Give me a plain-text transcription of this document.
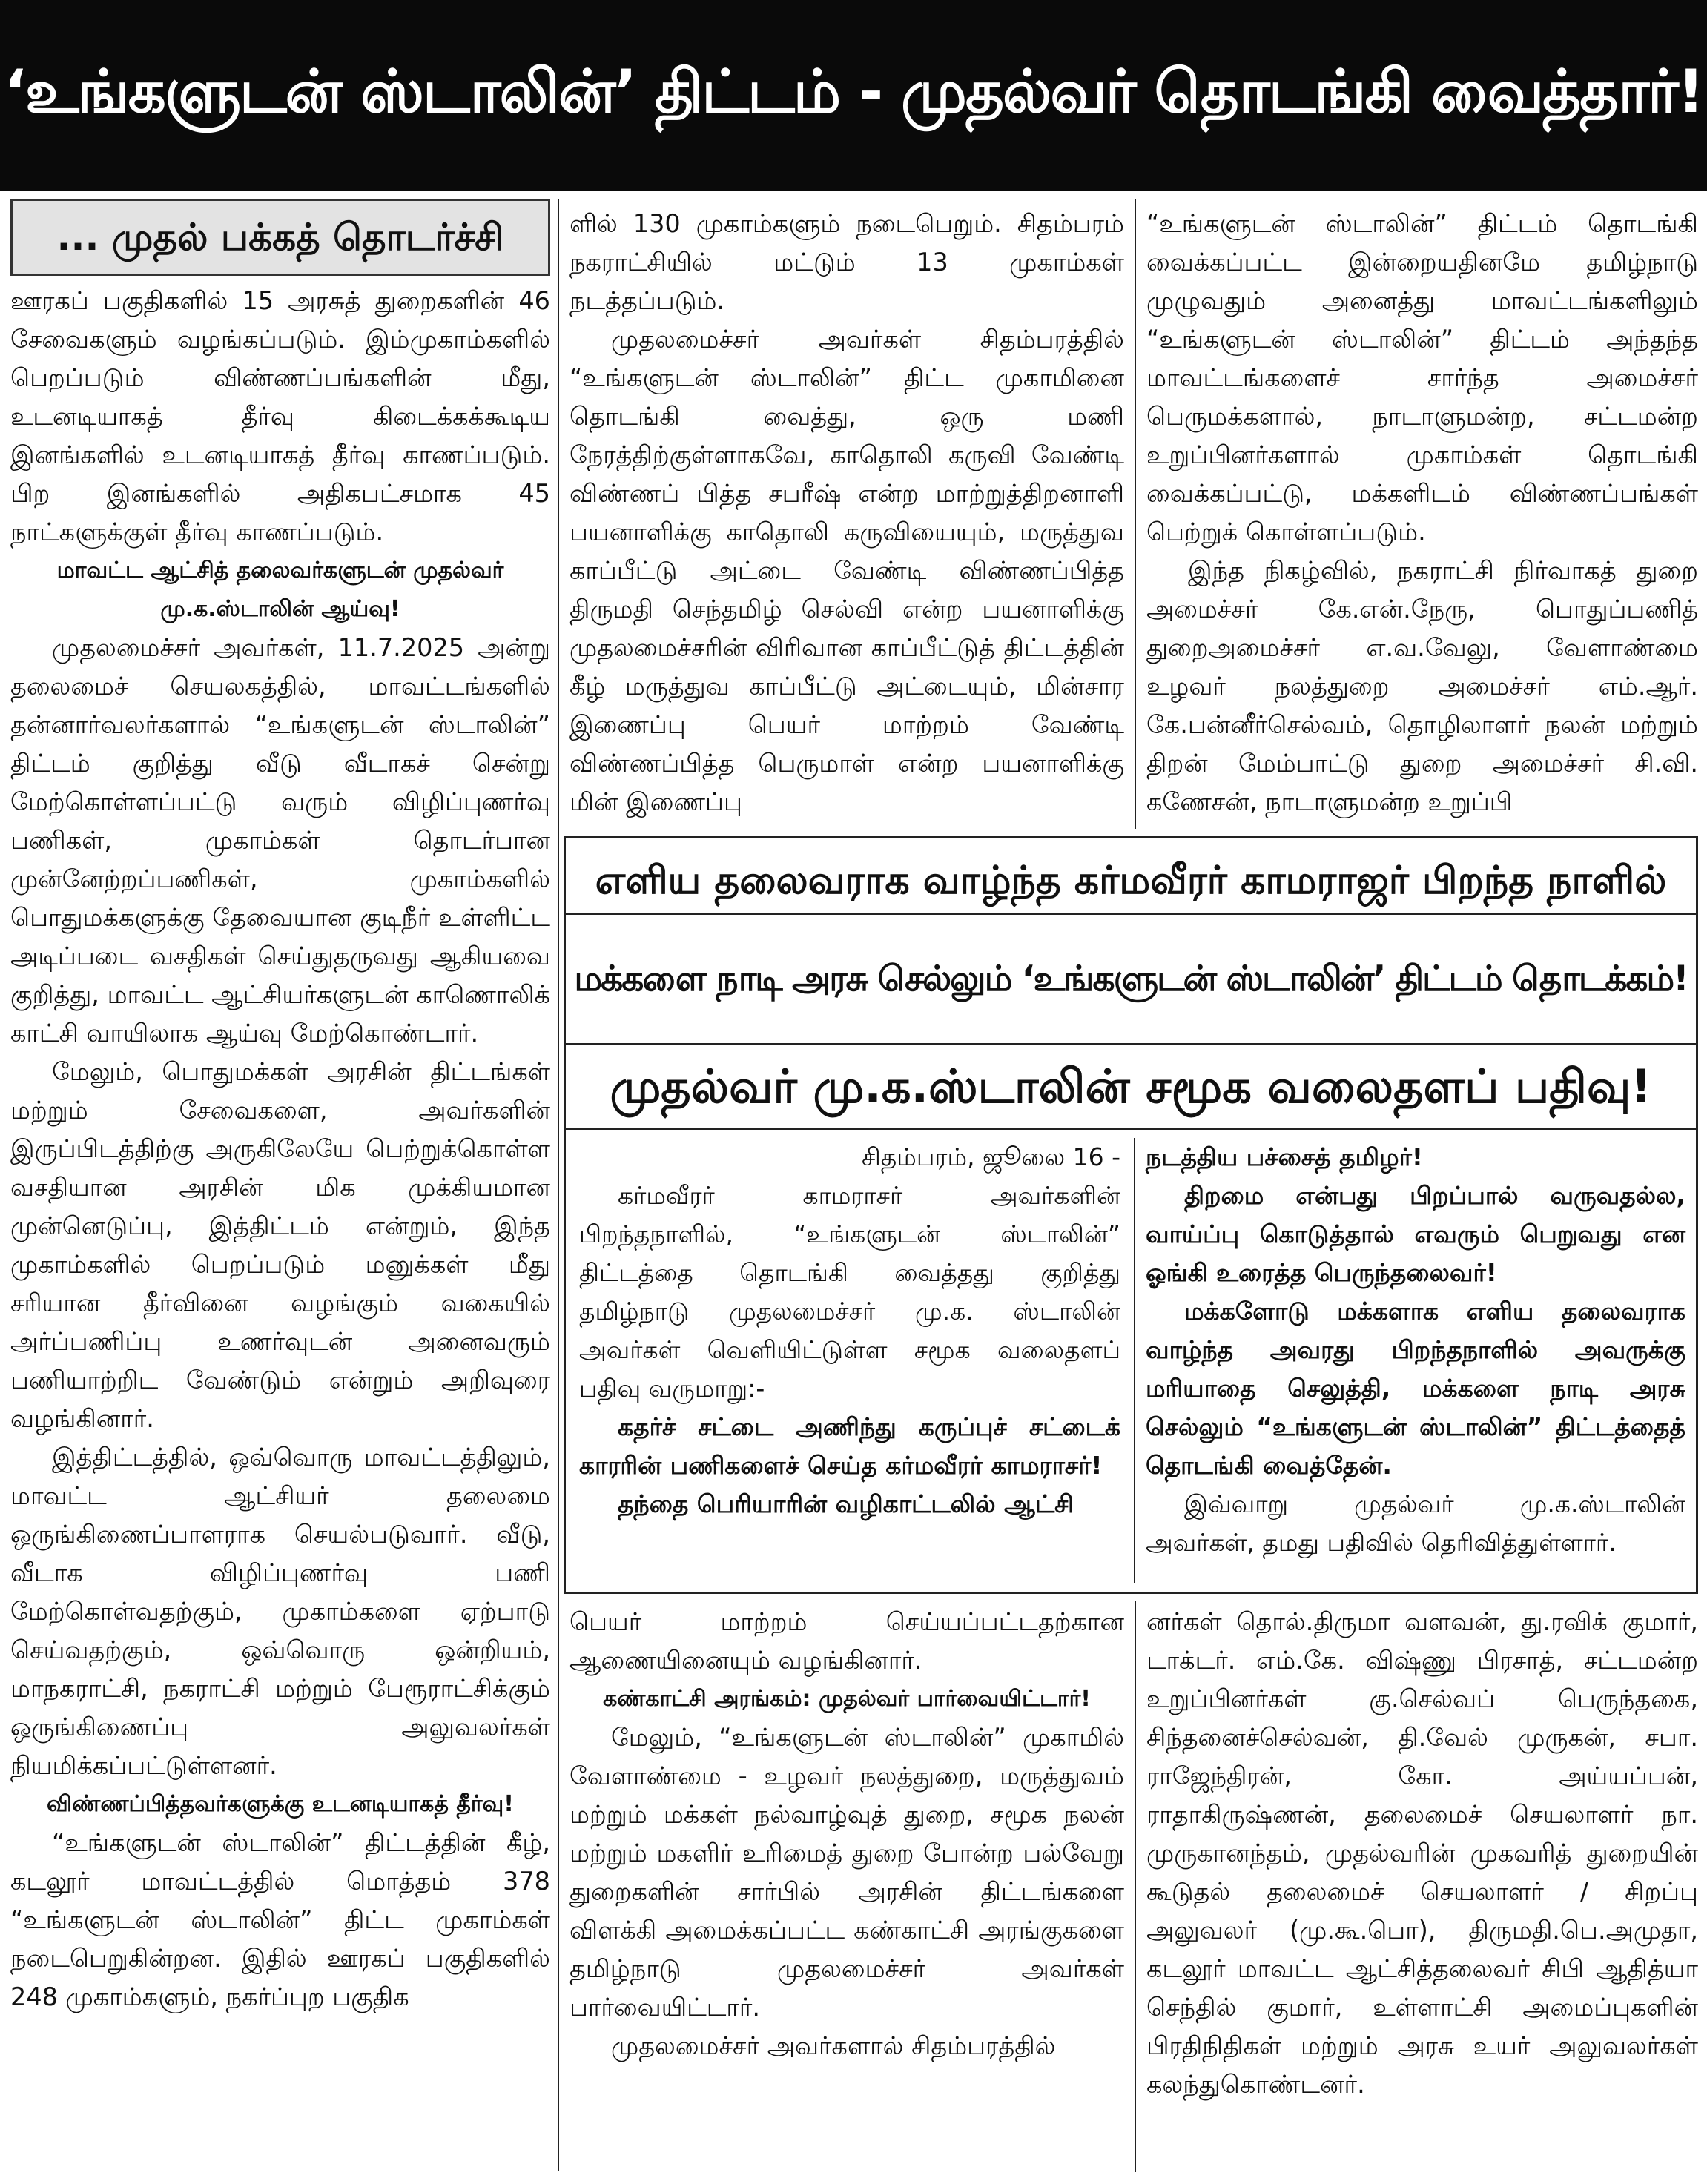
‘உங்களுடன் ஸ்டாலின்’ திட்டம் - முதல்வர் தொடங்கி வைத்தார்!
... முதல் பக்கத் தொடர்ச்சி

ஊரகப் பகுதிகளில் 15 அரசுத் துறைகளின் 46 சேவைகளும் வழங்கப்படும். இம்முகாம்களில் பெறப்படும் விண்ணப்பங்களின் மீது, உடனடியாகத் தீர்வு கிடைக்கக்கூடிய இனங்களில் உடனடியாகத் தீர்வு காணப்படும். பிற இனங்களில் அதிகபட்சமாக 45 நாட்களுக்குள் தீர்வு காணப்படும்.

மாவட்ட ஆட்சித் தலைவர்களுடன் முதல்வர் மு.க.ஸ்டாலின் ஆய்வு!

முதலமைச்சர் அவர்கள், 11.7.2025 அன்று தலைமைச் செயலகத்தில், மாவட்டங்களில் தன்னார்வலர்களால் “உங்களுடன் ஸ்டாலின்” திட்டம் குறித்து வீடு வீடாகச் சென்று மேற்கொள்ளப்பட்டு வரும் விழிப்புணர்வு பணிகள், முகாம்கள் தொடர்பான முன்னேற்றப்பணிகள், முகாம்களில் பொதுமக்களுக்கு தேவையான குடிநீர் உள்ளிட்ட அடிப்படை வசதிகள் செய்துதருவது ஆகியவை குறித்து, மாவட்ட ஆட்சியர்களுடன் காணொலிக் காட்சி வாயிலாக ஆய்வு மேற்கொண்டார்.

மேலும், பொதுமக்கள் அரசின் திட்டங்கள் மற்றும் சேவைகளை, அவர்களின் இருப்பிடத்திற்கு அருகிலேயே பெற்றுக்கொள்ள வசதியான அரசின் மிக முக்கியமான முன்னெடுப்பு, இத்திட்டம் என்றும், இந்த முகாம்களில் பெறப்படும் மனுக்கள் மீது சரியான தீர்வினை வழங்கும் வகையில் அர்ப்பணிப்பு உணர்வுடன் அனைவரும் பணியாற்றிட வேண்டும் என்றும் அறிவுரை வழங்கினார்.

இத்திட்டத்தில், ஒவ்வொரு மாவட்டத்திலும், மாவட்ட ஆட்சியர் தலைமை ஒருங்கிணைப்பாளராக செயல்படுவார். வீடு, வீடாக விழிப்புணர்வு பணி மேற்கொள்வதற்கும், முகாம்களை ஏற்பாடு செய்வதற்கும், ஒவ்வொரு ஒன்றியம், மாநகராட்சி, நகராட்சி மற்றும் பேரூராட்சிக்கும் ஒருங்கிணைப்பு அலுவலர்கள் நியமிக்கப்பட்டுள்ளனர்.

விண்ணப்பித்தவர்களுக்கு உடனடியாகத் தீர்வு!

“உங்களுடன் ஸ்டாலின்” திட்டத்தின் கீழ், கடலூர் மாவட்டத்தில் மொத்தம் 378 “உங்களுடன் ஸ்டாலின்” திட்ட முகாம்கள் நடைபெறுகின்றன. இதில் ஊரகப் பகுதிகளில் 248 முகாம்களும், நகர்ப்புற பகுதிக

ளில் 130 முகாம்களும் நடைபெறும். சிதம்பரம் நகராட்சியில் மட்டும் 13 முகாம்கள் நடத்தப்படும்.

முதலமைச்சர் அவர்கள் சிதம்பரத்தில் “உங்களுடன் ஸ்டாலின்” திட்ட முகாமினை தொடங்கி வைத்து, ஒரு மணி நேரத்திற்குள்ளாகவே, காதொலி கருவி வேண்டி விண்ணப் பித்த சபரீஷ் என்ற மாற்றுத்திறனாளி பயனாளிக்கு காதொலி கருவியையும், மருத்துவ காப்பீட்டு அட்டை வேண்டி விண்ணப்பித்த திருமதி செந்தமிழ் செல்வி என்ற பயனாளிக்கு முதலமைச்சரின் விரிவான காப்பீட்டுத் திட்டத்தின் கீழ் மருத்துவ காப்பீட்டு அட்டையும், மின்சார இணைப்பு பெயர் மாற்றம் வேண்டி விண்ணப்பித்த பெருமாள் என்ற பயனாளிக்கு மின் இணைப்பு

“உங்களுடன் ஸ்டாலின்” திட்டம் தொடங்கி வைக்கப்பட்ட இன்றையதினமே தமிழ்நாடு முழுவதும் அனைத்து மாவட்டங்களிலும் “உங்களுடன் ஸ்டாலின்” திட்டம் அந்தந்த மாவட்டங்களைச் சார்ந்த அமைச்சர் பெருமக்களால், நாடாளுமன்ற, சட்டமன்ற உறுப்பினர்களால் முகாம்கள் தொடங்கி வைக்கப்பட்டு, மக்களிடம் விண்ணப்பங்கள் பெற்றுக் கொள்ளப்படும்.

இந்த நிகழ்வில், நகராட்சி நிர்வாகத் துறை அமைச்சர் கே.என்.நேரு, பொதுப்பணித் துறைஅமைச்சர் எ.வ.வேலு, வேளாண்மை உழவர் நலத்துறை அமைச்சர் எம்.ஆர். கே.பன்னீர்செல்வம், தொழிலாளர் நலன் மற்றும் திறன் மேம்பாட்டு துறை அமைச்சர் சி.வி. கணேசன், நாடாளுமன்ற உறுப்பி

எளிய தலைவராக வாழ்ந்த கர்மவீரர் காமராஜர் பிறந்த நாளில்
மக்களை நாடி அரசு செல்லும் ‘உங்களுடன் ஸ்டாலின்’ திட்டம் தொடக்கம்!
முதல்வர் மு.க.ஸ்டாலின் சமூக வலைதளப் பதிவு!
சிதம்பரம், ஜூலை 16 -

கர்மவீரர் காமராசர் அவர்களின் பிறந்தநாளில், “உங்களுடன் ஸ்டாலின்” திட்டத்தை தொடங்கி வைத்தது குறித்து தமிழ்நாடு முதலமைச்சர் மு.க. ஸ்டாலின் அவர்கள் வெளியிட்டுள்ள சமூக வலைதளப் பதிவு வருமாறு:-

கதர்ச் சட்டை அணிந்து கருப்புச் சட்டைக் காரரின் பணிகளைச் செய்த கர்மவீரர் காமராசர்!

தந்தை பெரியாரின் வழிகாட்டலில் ஆட்சி

நடத்திய பச்சைத் தமிழர்!

திறமை என்பது பிறப்பால் வருவதல்ல, வாய்ப்பு கொடுத்தால் எவரும் பெறுவது என ஓங்கி உரைத்த பெருந்தலைவர்!

மக்களோடு மக்களாக எளிய தலைவராக வாழ்ந்த அவரது பிறந்தநாளில் அவருக்கு மரியாதை செலுத்தி, மக்களை நாடி அரசு செல்லும் “உங்களுடன் ஸ்டாலின்” திட்டத்தைத் தொடங்கி வைத்தேன்.

இவ்வாறு முதல்வர் மு.க.ஸ்டாலின் அவர்கள், தமது பதிவில் தெரிவித்துள்ளார்.

பெயர் மாற்றம் செய்யப்பட்டதற்கான ஆணையினையும் வழங்கினார்.

கண்காட்சி அரங்கம்: முதல்வர் பார்வையிட்டார்!

மேலும், “உங்களுடன் ஸ்டாலின்” முகாமில் வேளாண்மை - உழவர் நலத்துறை, மருத்துவம் மற்றும் மக்கள் நல்வாழ்வுத் துறை, சமூக நலன் மற்றும் மகளிர் உரிமைத் துறை போன்ற பல்வேறு துறைகளின் சார்பில் அரசின் திட்டங்களை விளக்கி அமைக்கப்பட்ட கண்காட்சி அரங்குகளை தமிழ்நாடு முதலமைச்சர் அவர்கள் பார்வையிட்டார்.

முதலமைச்சர் அவர்களால் சிதம்பரத்தில்

னர்கள் தொல்.திருமா வளவன், து.ரவிக் குமார், டாக்டர். எம்.கே. விஷ்ணு பிரசாத், சட்டமன்ற உறுப்பினர்கள் கு.செல்வப் பெருந்தகை, சிந்தனைச்செல்வன், தி.வேல் முருகன், சபா. ராஜேந்திரன், கோ. அய்யப்பன், ராதாகிருஷ்ணன், தலைமைச் செயலாளர் நா. முருகானந்தம், முதல்வரின் முகவரித் துறையின் கூடுதல் தலைமைச் செயலாளர் / சிறப்பு அலுவலர் (மு.கூ.பொ), திருமதி.பெ.அமுதா, கடலூர் மாவட்ட ஆட்சித்தலைவர் சிபி ஆதித்யா செந்தில் குமார், உள்ளாட்சி அமைப்புகளின் பிரதிநிதிகள் மற்றும் அரசு உயர் அலுவலர்கள் கலந்துகொண்டனர்.
